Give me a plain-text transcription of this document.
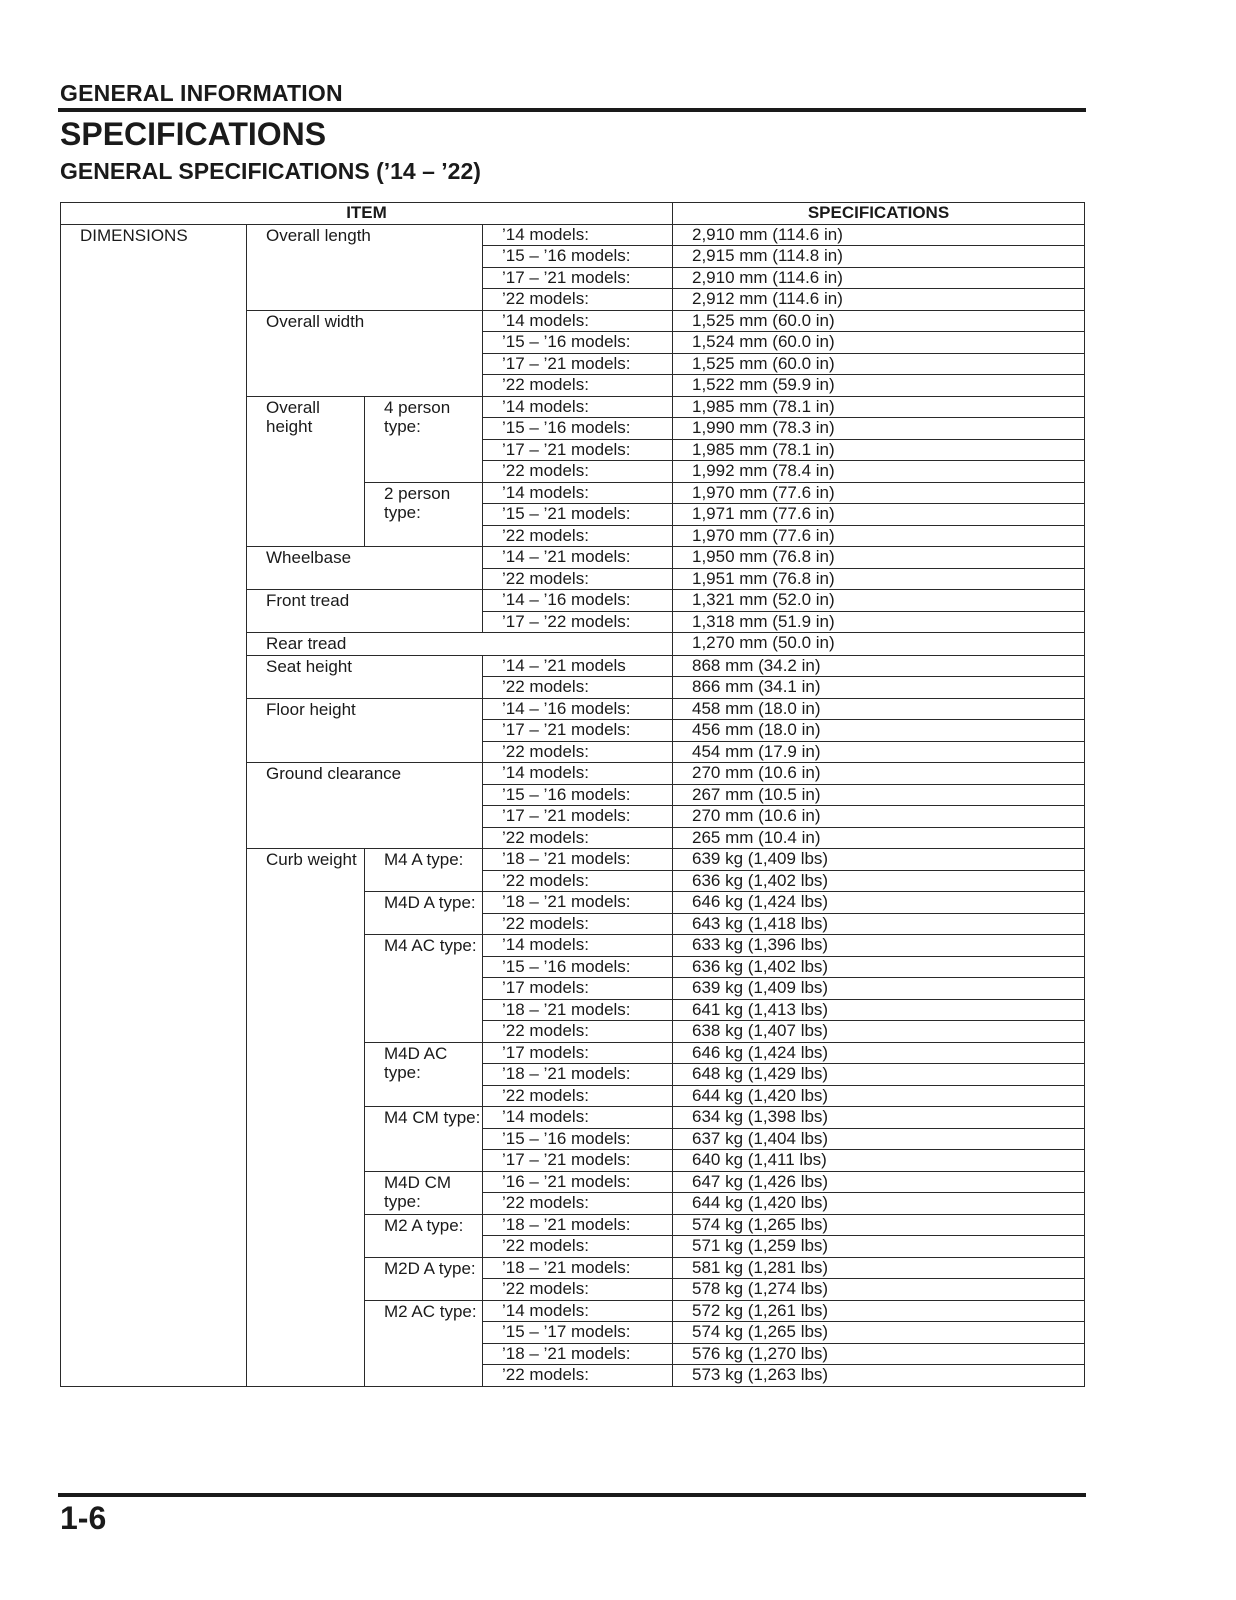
GENERAL INFORMATION
SPECIFICATIONS
GENERAL SPECIFICATIONS (’14 – ’22)
ITEM				SPECIFICATIONS
DIMENSIONS	Overall length		’14 models:	2,910 mm (114.6 in)
			’15 – ’16 models:	2,915 mm (114.8 in)
			’17 – ’21 models:	2,910 mm (114.6 in)
			’22 models:	2,912 mm (114.6 in)
	Overall width		’14 models:	1,525 mm (60.0 in)
			’15 – ’16 models:	1,524 mm (60.0 in)
			’17 – ’21 models:	1,525 mm (60.0 in)
			’22 models:	1,522 mm (59.9 in)
	Overall height	4 person type:	’14 models:	1,985 mm (78.1 in)
			’15 – ’16 models:	1,990 mm (78.3 in)
			’17 – ’21 models:	1,985 mm (78.1 in)
			’22 models:	1,992 mm (78.4 in)
		2 person type:	’14 models:	1,970 mm (77.6 in)
			’15 – ’21 models:	1,971 mm (77.6 in)
			’22 models:	1,970 mm (77.6 in)
	Wheelbase		’14 – ’21 models:	1,950 mm (76.8 in)
			’22 models:	1,951 mm (76.8 in)
	Front tread		’14 – ’16 models:	1,321 mm (52.0 in)
			’17 – ’22 models:	1,318 mm (51.9 in)
	Rear tread			1,270 mm (50.0 in)
	Seat height		’14 – ’21 models	868 mm (34.2 in)
			’22 models:	866 mm (34.1 in)
	Floor height		’14 – ’16 models:	458 mm (18.0 in)
			’17 – ’21 models:	456 mm (18.0 in)
			’22 models:	454 mm (17.9 in)
	Ground clearance		’14 models:	270 mm (10.6 in)
			’15 – ’16 models:	267 mm (10.5 in)
			’17 – ’21 models:	270 mm (10.6 in)
			’22 models:	265 mm (10.4 in)
	Curb weight	M4 A type:	’18 – ’21 models:	639 kg (1,409 lbs)
			’22 models:	636 kg (1,402 lbs)
		M4D A type:	’18 – ’21 models:	646 kg (1,424 lbs)
			’22 models:	643 kg (1,418 lbs)
		M4 AC type:	’14 models:	633 kg (1,396 lbs)
			’15 – ’16 models:	636 kg (1,402 lbs)
			’17 models:	639 kg (1,409 lbs)
			’18 – ’21 models:	641 kg (1,413 lbs)
			’22 models:	638 kg (1,407 lbs)
		M4D AC type:	’17 models:	646 kg (1,424 lbs)
			’18 – ’21 models:	648 kg (1,429 lbs)
			’22 models:	644 kg (1,420 lbs)
		M4 CM type:	’14 models:	634 kg (1,398 lbs)
			’15 – ’16 models:	637 kg (1,404 lbs)
			’17 – ’21 models:	640 kg (1,411 lbs)
		M4D CM type:	’16 – ’21 models:	647 kg (1,426 lbs)
			’22 models:	644 kg (1,420 lbs)
		M2 A type:	’18 – ’21 models:	574 kg (1,265 lbs)
			’22 models:	571 kg (1,259 lbs)
		M2D A type:	’18 – ’21 models:	581 kg (1,281 lbs)
			’22 models:	578 kg (1,274 lbs)
		M2 AC type:	’14 models:	572 kg (1,261 lbs)
			’15 – ’17 models:	574 kg (1,265 lbs)
			’18 – ’21 models:	576 kg (1,270 lbs)
			’22 models:	573 kg (1,263 lbs)
1-6
